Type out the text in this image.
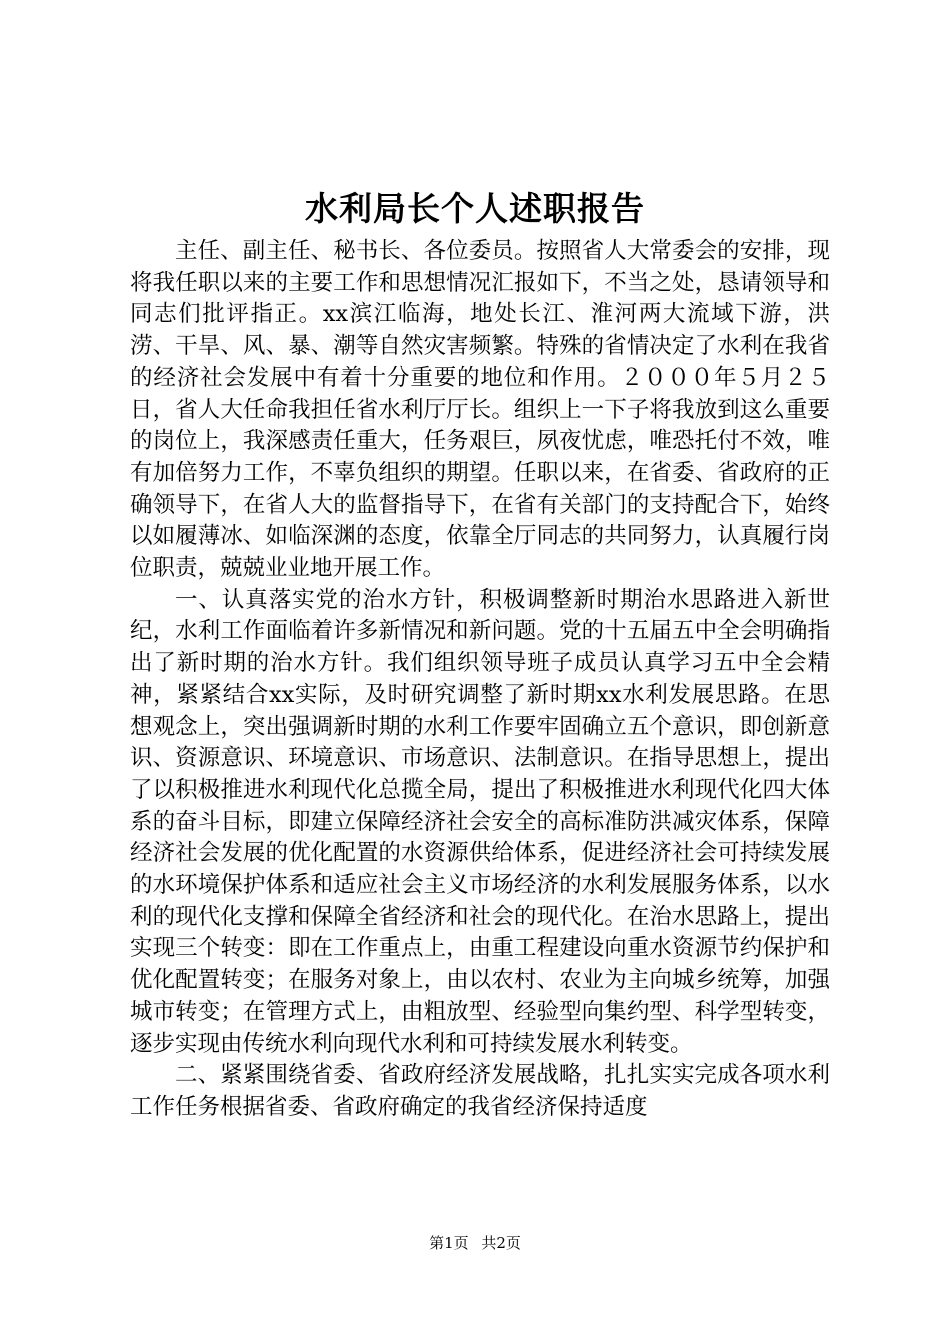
水利局长个人述职报告

主任、副主任、秘书长、各位委员。按照省人大常委会的安排，现将我任职以来的主要工作和思想情况汇报如下，不当之处，恳请领导和同志们批评指正。xx滨江临海，地处长江、淮河两大流域下游，洪涝、干旱、风、暴、潮等自然灾害频繁。特殊的省情决定了水利在我省的经济社会发展中有着十分重要的地位和作用。２０００年５月２５日，省人大任命我担任省水利厅厅长。组织上一下子将我放到这么重要的岗位上，我深感责任重大，任务艰巨，夙夜忧虑，唯恐托付不效，唯有加倍努力工作，不辜负组织的期望。任职以来，在省委、省政府的正确领导下，在省人大的监督指导下，在省有关部门的支持配合下，始终以如履薄冰、如临深渊的态度，依靠全厅同志的共同努力，认真履行岗位职责，兢兢业业地开展工作。

一、认真落实党的治水方针，积极调整新时期治水思路进入新世纪，水利工作面临着许多新情况和新问题。党的十五届五中全会明确指出了新时期的治水方针。我们组织领导班子成员认真学习五中全会精神，紧紧结合xx实际，及时研究调整了新时期xx水利发展思路。在思想观念上，突出强调新时期的水利工作要牢固确立五个意识，即创新意识、资源意识、环境意识、市场意识、法制意识。在指导思想上，提出了以积极推进水利现代化总揽全局，提出了积极推进水利现代化四大体系的奋斗目标，即建立保障经济社会安全的高标准防洪减灾体系，保障经济社会发展的优化配置的水资源供给体系，促进经济社会可持续发展的水环境保护体系和适应社会主义市场经济的水利发展服务体系，以水利的现代化支撑和保障全省经济和社会的现代化。在治水思路上，提出实现三个转变：即在工作重点上，由重工程建设向重水资源节约保护和优化配置转变；在服务对象上，由以农村、农业为主向城乡统筹，加强城市转变；在管理方式上，由粗放型、经验型向集约型、科学型转变，逐步实现由传统水利向现代水利和可持续发展水利转变。

二、紧紧围绕省委、省政府经济发展战略，扎扎实实完成各项水利工作任务根据省委、省政府确定的我省经济保持适度

第1页 共2页
